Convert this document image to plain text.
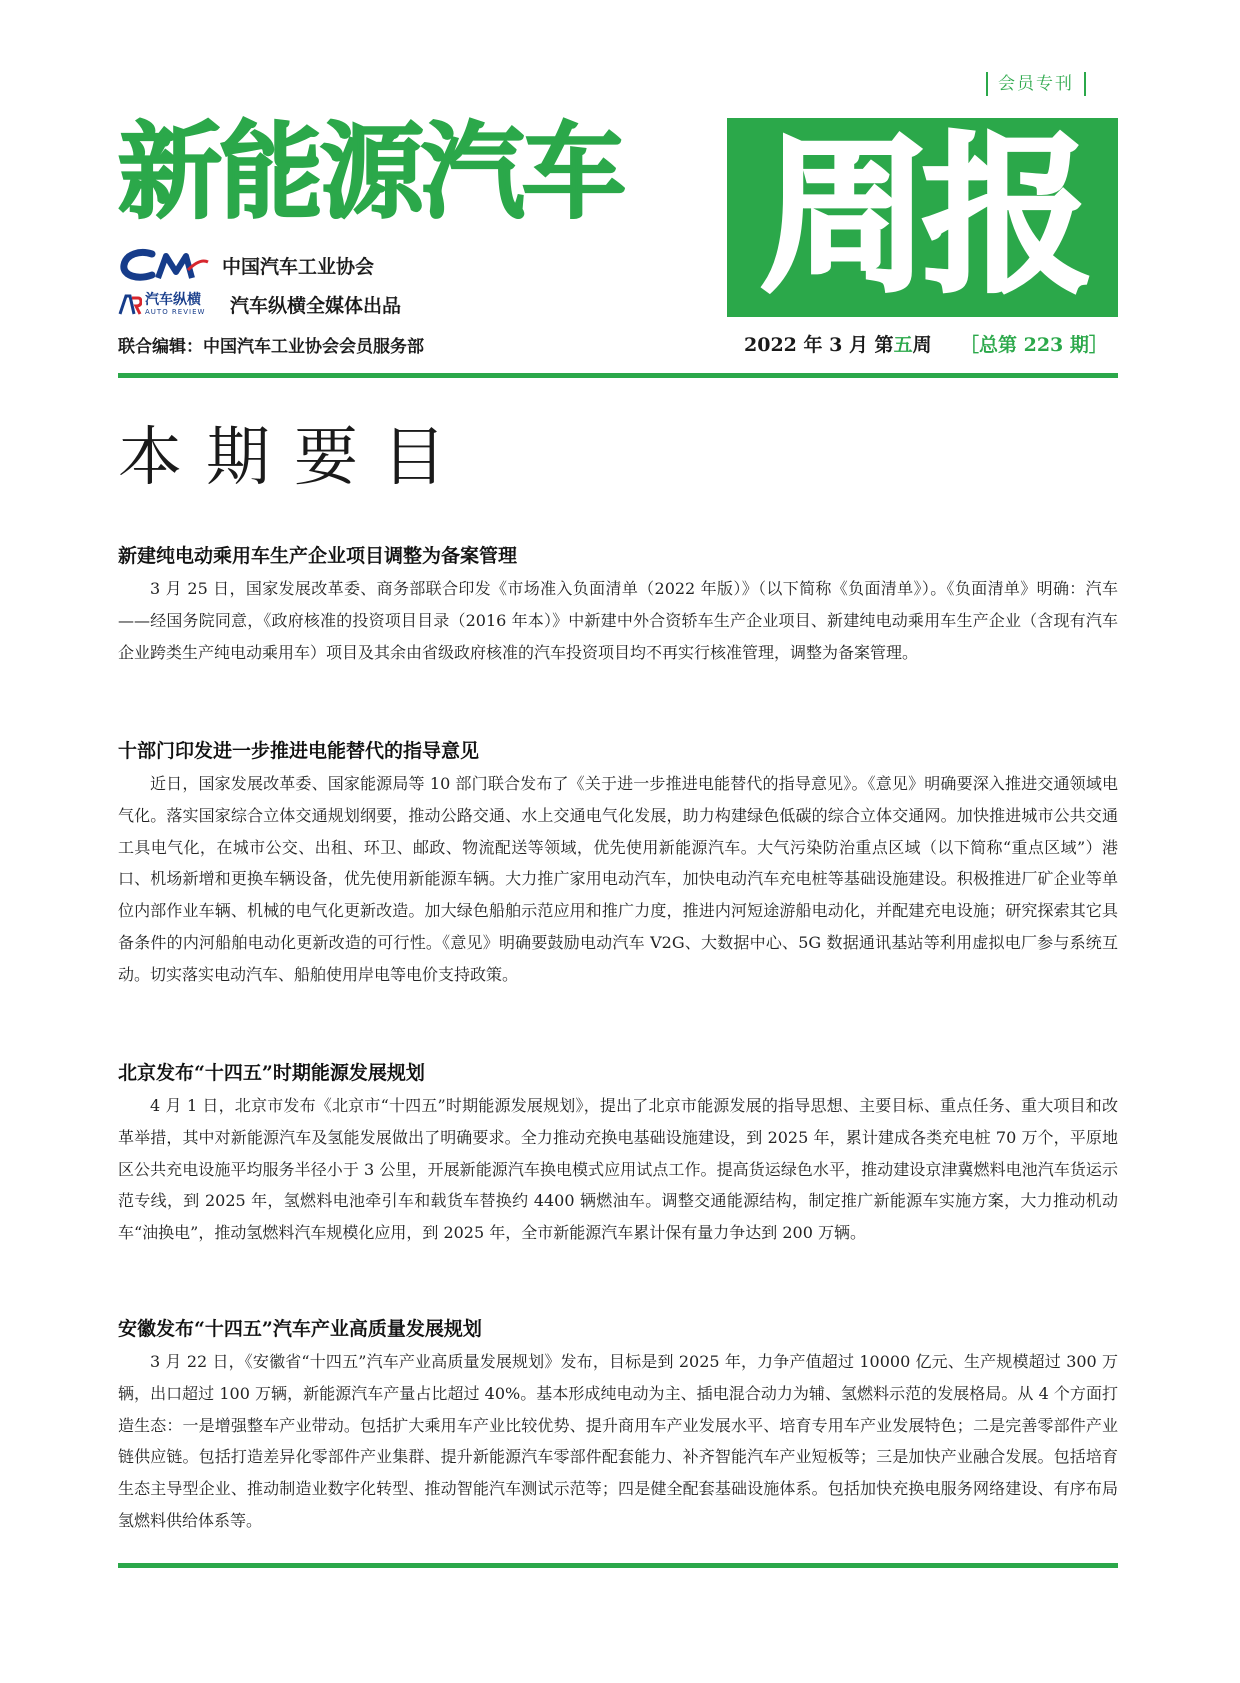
会员专刊
新能源汽车 周报
中国汽车工业协会
汽车纵横
AUTO REVIEW 汽车纵横全媒体出品
联合编辑：中国汽车工业协会会员服务部	2022 年 3 月 第五周 ［总第 223 期］
本期要目
新建纯电动乘用车生产企业项目调整为备案管理

3 月 25 日，国家发展改革委、商务部联合印发《市场准入负面清单（2022 年版）》（以下简称《负面清单》）。《负面清单》明确：汽车——经国务院同意，《政府核准的投资项目目录（2016 年本）》中新建中外合资轿车生产企业项目、新建纯电动乘用车生产企业（含现有汽车企业跨类生产纯电动乘用车）项目及其余由省级政府核准的汽车投资项目均不再实行核准管理，调整为备案管理。

十部门印发进一步推进电能替代的指导意见

近日，国家发展改革委、国家能源局等 10 部门联合发布了《关于进一步推进电能替代的指导意见》。《意见》明确要深入推进交通领域电气化。落实国家综合立体交通规划纲要，推动公路交通、水上交通电气化发展，助力构建绿色低碳的综合立体交通网。加快推进城市公共交通工具电气化，在城市公交、出租、环卫、邮政、物流配送等领域，优先使用新能源汽车。大气污染防治重点区域（以下简称“重点区域”）港口、机场新增和更换车辆设备，优先使用新能源车辆。大力推广家用电动汽车，加快电动汽车充电桩等基础设施建设。积极推进厂矿企业等单位内部作业车辆、机械的电气化更新改造。加大绿色船舶示范应用和推广力度，推进内河短途游船电动化，并配建充电设施；研究探索其它具备条件的内河船舶电动化更新改造的可行性。《意见》明确要鼓励电动汽车 V2G、大数据中心、5G 数据通讯基站等利用虚拟电厂参与系统互动。切实落实电动汽车、船舶使用岸电等电价支持政策。

北京发布“十四五”时期能源发展规划

4 月 1 日，北京市发布《北京市“十四五”时期能源发展规划》，提出了北京市能源发展的指导思想、主要目标、重点任务、重大项目和改革举措，其中对新能源汽车及氢能发展做出了明确要求。全力推动充换电基础设施建设，到 2025 年，累计建成各类充电桩 70 万个，平原地区公共充电设施平均服务半径小于 3 公里，开展新能源汽车换电模式应用试点工作。提高货运绿色水平，推动建设京津冀燃料电池汽车货运示范专线，到 2025 年，氢燃料电池牵引车和载货车替换约 4400 辆燃油车。调整交通能源结构，制定推广新能源车实施方案，大力推动机动车“油换电”，推动氢燃料汽车规模化应用，到 2025 年，全市新能源汽车累计保有量力争达到 200 万辆。

安徽发布“十四五”汽车产业高质量发展规划

3 月 22 日，《安徽省“十四五”汽车产业高质量发展规划》发布，目标是到 2025 年，力争产值超过 10000 亿元、生产规模超过 300 万辆，出口超过 100 万辆，新能源汽车产量占比超过 40%。基本形成纯电动为主、插电混合动力为辅、氢燃料示范的发展格局。从 4 个方面打造生态：一是增强整车产业带动。包括扩大乘用车产业比较优势、提升商用车产业发展水平、培育专用车产业发展特色；二是完善零部件产业链供应链。包括打造差异化零部件产业集群、提升新能源汽车零部件配套能力、补齐智能汽车产业短板等；三是加快产业融合发展。包括培育生态主导型企业、推动制造业数字化转型、推动智能汽车测试示范等；四是健全配套基础设施体系。包括加快充换电服务网络建设、有序布局氢燃料供给体系等。
